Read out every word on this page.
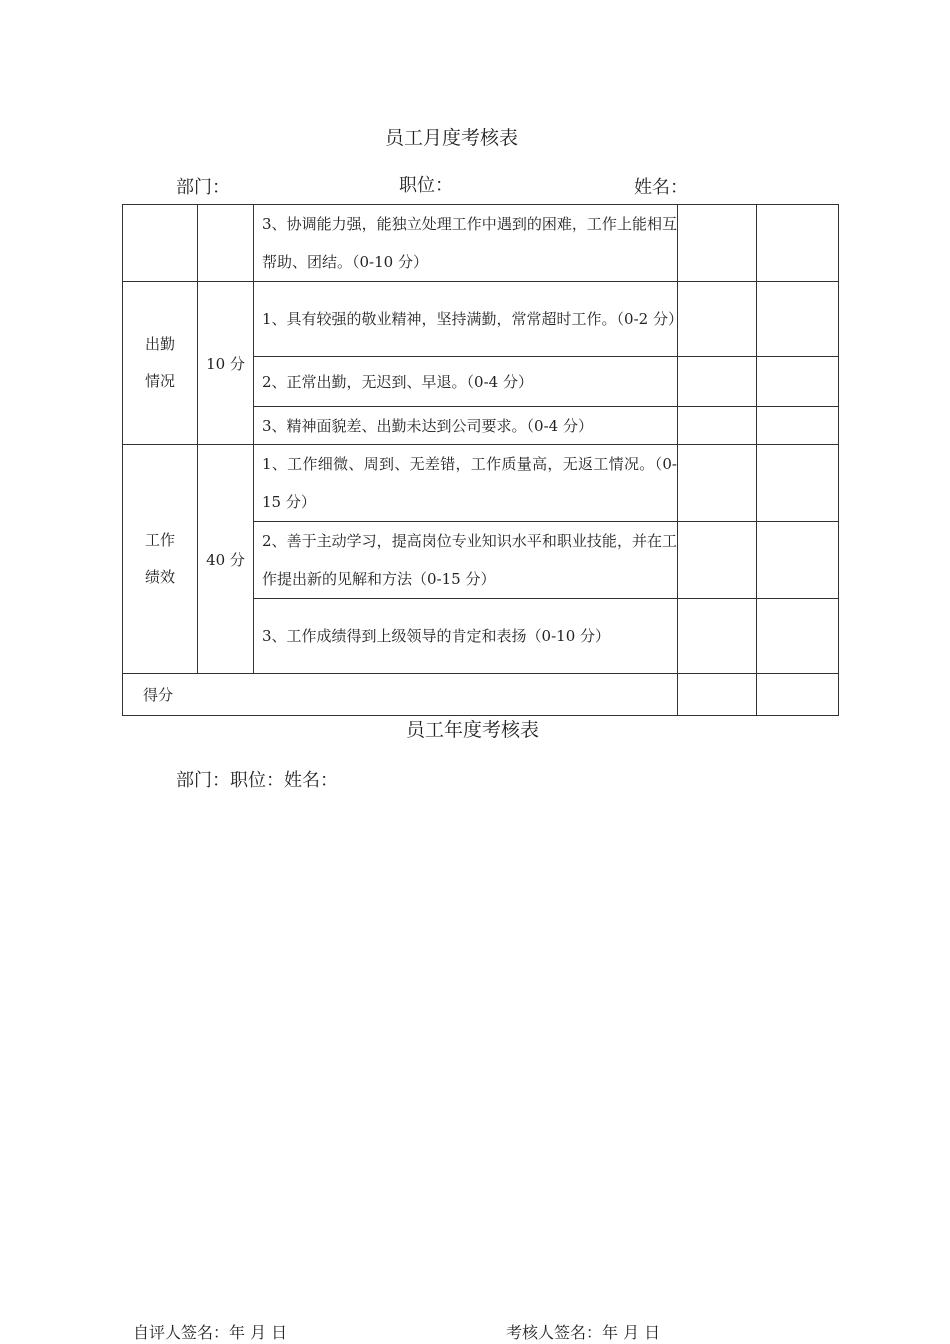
员工月度考核表
部门：	职位：	姓名：
		3、协调能力强，能独立处理工作中遇到的困难，工作上能相互帮助、团结。（0-10 分）		
出勤
情况	10 分	1、具有较强的敬业精神，坚持满勤，常常超时工作。（0-2 分）		
		2、正常出勤，无迟到、早退。（0-4 分）		
		3、精神面貌差、出勤未达到公司要求。（0-4 分）		
工作
绩效	40 分	1、工作细微、周到、无差错，工作质量高，无返工情况。（0-15 分）		
		2、善于主动学习，提高岗位专业知识水平和职业技能，并在工作提出新的见解和方法（0-15 分）		
		3、工作成绩得到上级领导的肯定和表扬（0-10 分）		
得分				
员工年度考核表
部门：职位：姓名：
自评人签名：年 月 日	考核人签名：年 月 日
